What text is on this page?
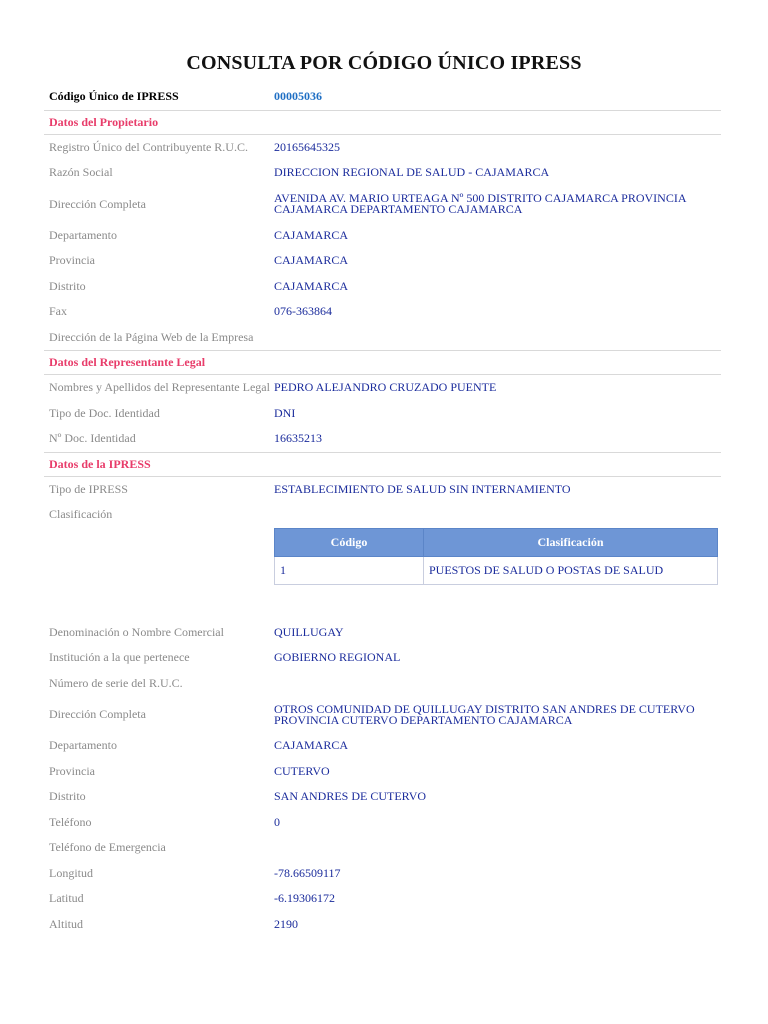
CONSULTA POR CÓDIGO ÚNICO IPRESS
Código Único de IPRESS	00005036
Datos del Propietario
Registro Único del Contribuyente R.U.C.	20165645325
Razón Social	DIRECCION REGIONAL DE SALUD - CAJAMARCA
Dirección Completa	AVENIDA AV. MARIO URTEAGA Nº 500 DISTRITO CAJAMARCA PROVINCIA CAJAMARCA DEPARTAMENTO CAJAMARCA
Departamento	CAJAMARCA
Provincia	CAJAMARCA
Distrito	CAJAMARCA
Fax	076-363864
Dirección de la Página Web de la Empresa
Datos del Representante Legal
Nombres y Apellidos del Representante Legal PEDRO ALEJANDRO CRUZADO PUENTE
Tipo de Doc. Identidad	DNI
Nº Doc. Identidad	16635213
Datos de la IPRESS
Tipo de IPRESS	ESTABLECIMIENTO DE SALUD SIN INTERNAMIENTO
Clasificación
Código	Clasificación
1	PUESTOS DE SALUD O POSTAS DE SALUD
Denominación o Nombre Comercial	QUILLUGAY
Institución a la que pertenece	GOBIERNO REGIONAL
Número de serie del R.U.C.
Dirección Completa	OTROS COMUNIDAD DE QUILLUGAY DISTRITO SAN ANDRES DE CUTERVO PROVINCIA CUTERVO DEPARTAMENTO CAJAMARCA
Departamento	CAJAMARCA
Provincia	CUTERVO
Distrito	SAN ANDRES DE CUTERVO
Teléfono	0
Teléfono de Emergencia
Longitud	-78.66509117
Latitud	-6.19306172
Altitud	2190
